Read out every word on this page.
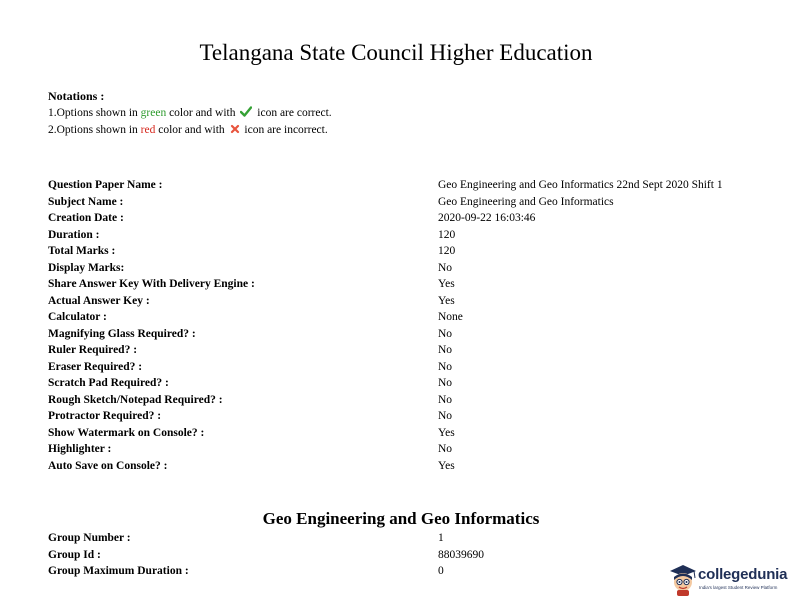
Telangana State Council Higher Education
Notations :
1.Options shown in green color and with  icon are correct.
2.Options shown in red color and with  icon are incorrect.
Question Paper Name :	Geo Engineering and Geo Informatics 22nd Sept 2020 Shift 1
Subject Name :	Geo Engineering and Geo Informatics
Creation Date :	2020-09-22 16:03:46
Duration :	120
Total Marks :	120
Display Marks:	No
Share Answer Key With Delivery Engine :	Yes
Actual Answer Key :	Yes
Calculator :	None
Magnifying Glass Required? :	No
Ruler Required? :	No
Eraser Required? :	No
Scratch Pad Required? :	No
Rough Sketch/Notepad Required? :	No
Protractor Required? :	No
Show Watermark on Console? :	Yes
Highlighter :	No
Auto Save on Console? :	Yes
Geo Engineering and Geo Informatics
Group Number :	1
Group Id :	88039690
Group Maximum Duration :	0	collegedunia
India's largest Student Review Platform
